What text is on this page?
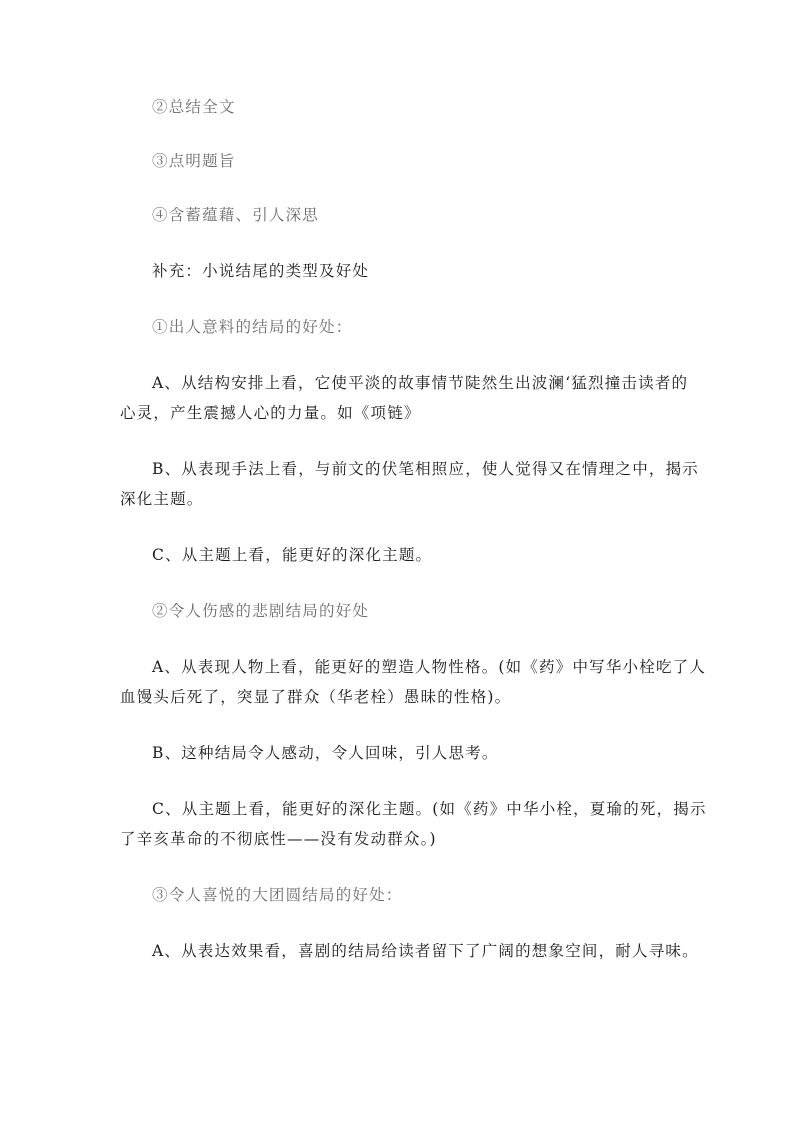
②总结全文

③点明题旨

④含蓄蕴藉、引人深思

补充：小说结尾的类型及好处

①出人意料的结局的好处：

A、从结构安排上看，它使平淡的故事情节陡然生出波澜‘猛烈撞击读者的

心灵，产生震撼人心的力量。如《项链》

B、从表现手法上看，与前文的伏笔相照应，使人觉得又在情理之中，揭示

深化主题。

C、从主题上看，能更好的深化主题。

②令人伤感的悲剧结局的好处

A、从表现人物上看，能更好的塑造人物性格。(如《药》中写华小栓吃了人

血馒头后死了，突显了群众（华老栓）愚昧的性格)。

B、这种结局令人感动，令人回味，引人思考。

C、从主题上看，能更好的深化主题。(如《药》中华小栓，夏瑜的死，揭示

了辛亥革命的不彻底性——没有发动群众。)

③令人喜悦的大团圆结局的好处：

A、从表达效果看，喜剧的结局给读者留下了广阔的想象空间，耐人寻味。
